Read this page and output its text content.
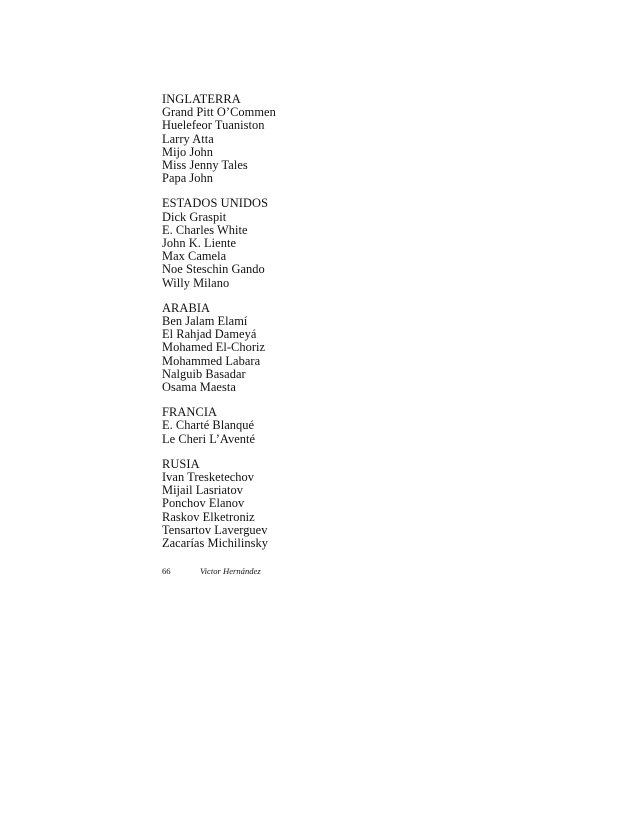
INGLATERRA
Grand Pitt O’Commen
Huelefeor Tuaniston
Larry Atta
Mijo John
Miss Jenny Tales
Papa John
ESTADOS UNIDOS
Dick Graspit
E. Charles White
John K. Liente
Max Camela
Noe Steschin Gando
Willy Milano
ARABIA
Ben Jalam Elamí
El Rahjad Dameyá
Mohamed El-Choriz
Mohammed Labara
Nalguib Basadar
Osama Maesta
FRANCIA
E. Charté Blanqué
Le Cheri L’Aventé
RUSIA
Ivan Tresketechov
Mijail Lasriatov
Ponchov Elanov
Raskov Elketroniz
Tensartov Laverguev
Zacarías Michilinsky
66	Victor Hernández
